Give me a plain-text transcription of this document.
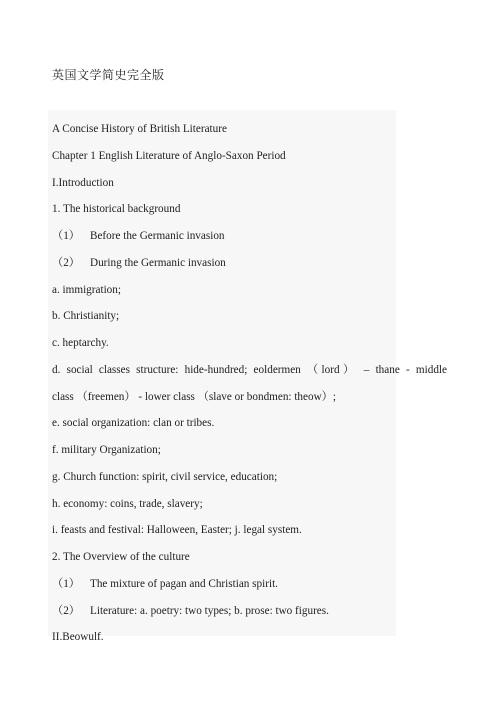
英国文学简史完全版
A Concise History of British Literature
Chapter 1 English Literature of Anglo-Saxon Period
I.Introduction
1. The historical background
（1） Before the Germanic invasion
（2） During the Germanic invasion
a. immigration;
b. Christianity;
c. heptarchy.
d. social classes structure: hide-hundred; eoldermen （lord） – thane - middle
class （freemen） - lower class （slave or bondmen: theow）;
e. social organization: clan or tribes.
f. military Organization;
g. Church function: spirit, civil service, education;
h. economy: coins, trade, slavery;
i. feasts and festival: Halloween, Easter; j. legal system.
2. The Overview of the culture
（1） The mixture of pagan and Christian spirit.
（2） Literature: a. poetry: two types; b. prose: two figures.
II.Beowulf.
